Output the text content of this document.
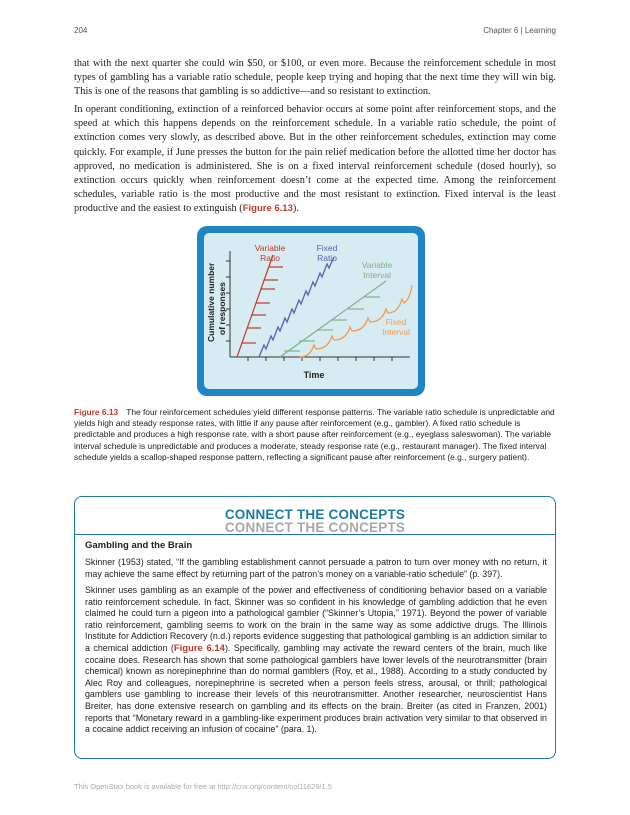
204	Chapter 6 | Learning

that with the next quarter she could win $50, or $100, or even more. Because the reinforcement schedule in most types of gambling has a variable ratio schedule, people keep trying and hoping that the next time they will win big. This is one of the reasons that gambling is so addictive—and so resistant to extinction.

In operant conditioning, extinction of a reinforced behavior occurs at some point after reinforcement stops, and the speed at which this happens depends on the reinforcement schedule. In a variable ratio schedule, the point of extinction comes very slowly, as described above. But in the other reinforcement schedules, extinction may come quickly. For example, if June presses the button for the pain relief medication before the allotted time her doctor has approved, no medication is administered. She is on a fixed interval reinforcement schedule (dosed hourly), so extinction occurs quickly when reinforcement doesn’t come at the expected time. Among the reinforcement schedules, variable ratio is the most productive and the most resistant to extinction. Fixed interval is the least productive and the easiest to extinguish (Figure 6.13).

Cumulative number of responses
Time
Variable
Ratio
Fixed
Ratio
Variable
Interval
Fixed
Interval

Figure 6.13 The four reinforcement schedules yield different response patterns. The variable ratio schedule is unpredictable and yields high and steady response rates, with little if any pause after reinforcement (e.g., gambler). A fixed ratio schedule is predictable and produces a high response rate, with a short pause after reinforcement (e.g., eyeglass saleswoman). The variable interval schedule is unpredictable and produces a moderate, steady response rate (e.g., restaurant manager). The fixed interval schedule yields a scallop-shaped response pattern, reflecting a significant pause after reinforcement (e.g., surgery patient).

CONNECT THE CONCEPTS
CONNECT THE CONCEPTS

Gambling and the Brain

Skinner (1953) stated, “If the gambling establishment cannot persuade a patron to turn over money with no return, it may achieve the same effect by returning part of the patron’s money on a variable-ratio schedule” (p. 397).

Skinner uses gambling as an example of the power and effectiveness of conditioning behavior based on a variable ratio reinforcement schedule. In fact, Skinner was so confident in his knowledge of gambling addiction that he even claimed he could turn a pigeon into a pathological gambler (“Skinner’s Utopia,” 1971). Beyond the power of variable ratio reinforcement, gambling seems to work on the brain in the same way as some addictive drugs. The Illinois Institute for Addiction Recovery (n.d.) reports evidence suggesting that pathological gambling is an addiction similar to a chemical addiction (Figure 6.14). Specifically, gambling may activate the reward centers of the brain, much like cocaine does. Research has shown that some pathological gamblers have lower levels of the neurotransmitter (brain chemical) known as norepinephrine than do normal gamblers (Roy, et al., 1988). According to a study conducted by Alec Roy and colleagues, norepinephrine is secreted when a person feels stress, arousal, or thrill; pathological gamblers use gambling to increase their levels of this neurotransmitter. Another researcher, neuroscientist Hans Breiter, has done extensive research on gambling and its effects on the brain. Breiter (as cited in Franzen, 2001) reports that “Monetary reward in a gambling-like experiment produces brain activation very similar to that observed in a cocaine addict receiving an infusion of cocaine” (para. 1).

This OpenStax book is available for free at http://cnx.org/content/col11629/1.5
